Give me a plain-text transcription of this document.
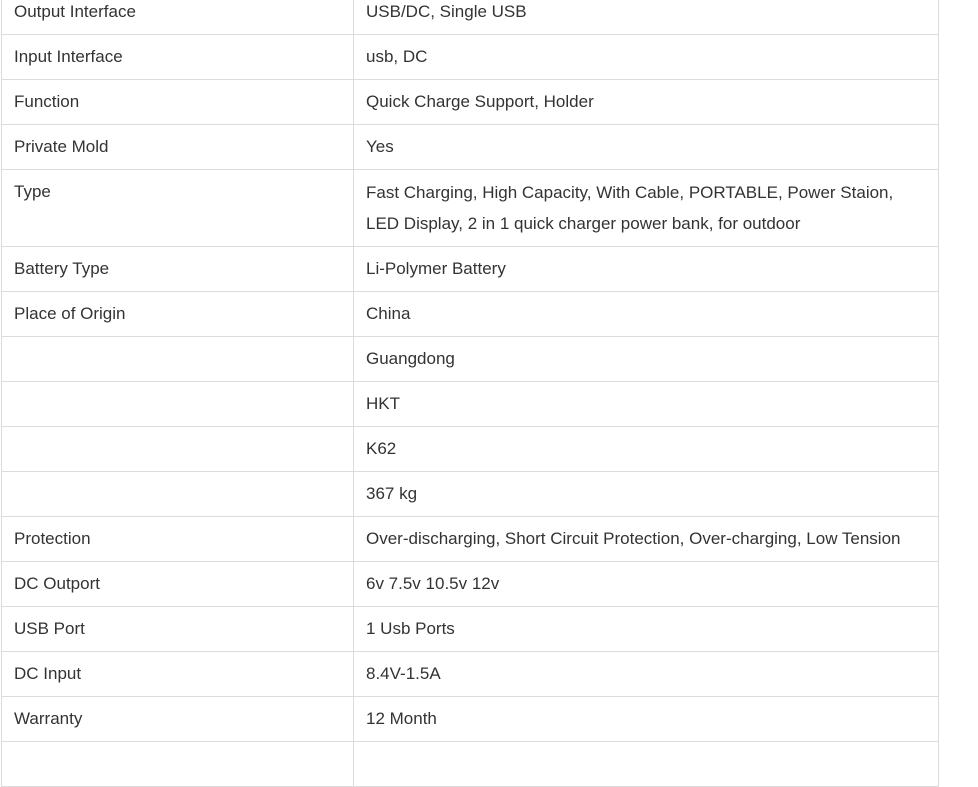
Output Interface	USB/DC, Single USB
Input Interface	usb, DC
Function	Quick Charge Support, Holder
Private Mold	Yes
Type	Fast Charging, High Capacity, With Cable, PORTABLE, Power Staion, LED Display, 2 in 1 quick charger power bank, for outdoor
Battery Type	Li-Polymer Battery
Place of Origin	China
	Guangdong
	HKT
	K62
	367 kg
Protection	Over-discharging, Short Circuit Protection, Over-charging, Low Tension
DC Outport	6v 7.5v 10.5v 12v
USB Port	1 Usb Ports
DC Input	8.4V-1.5A
Warranty	12 Month
